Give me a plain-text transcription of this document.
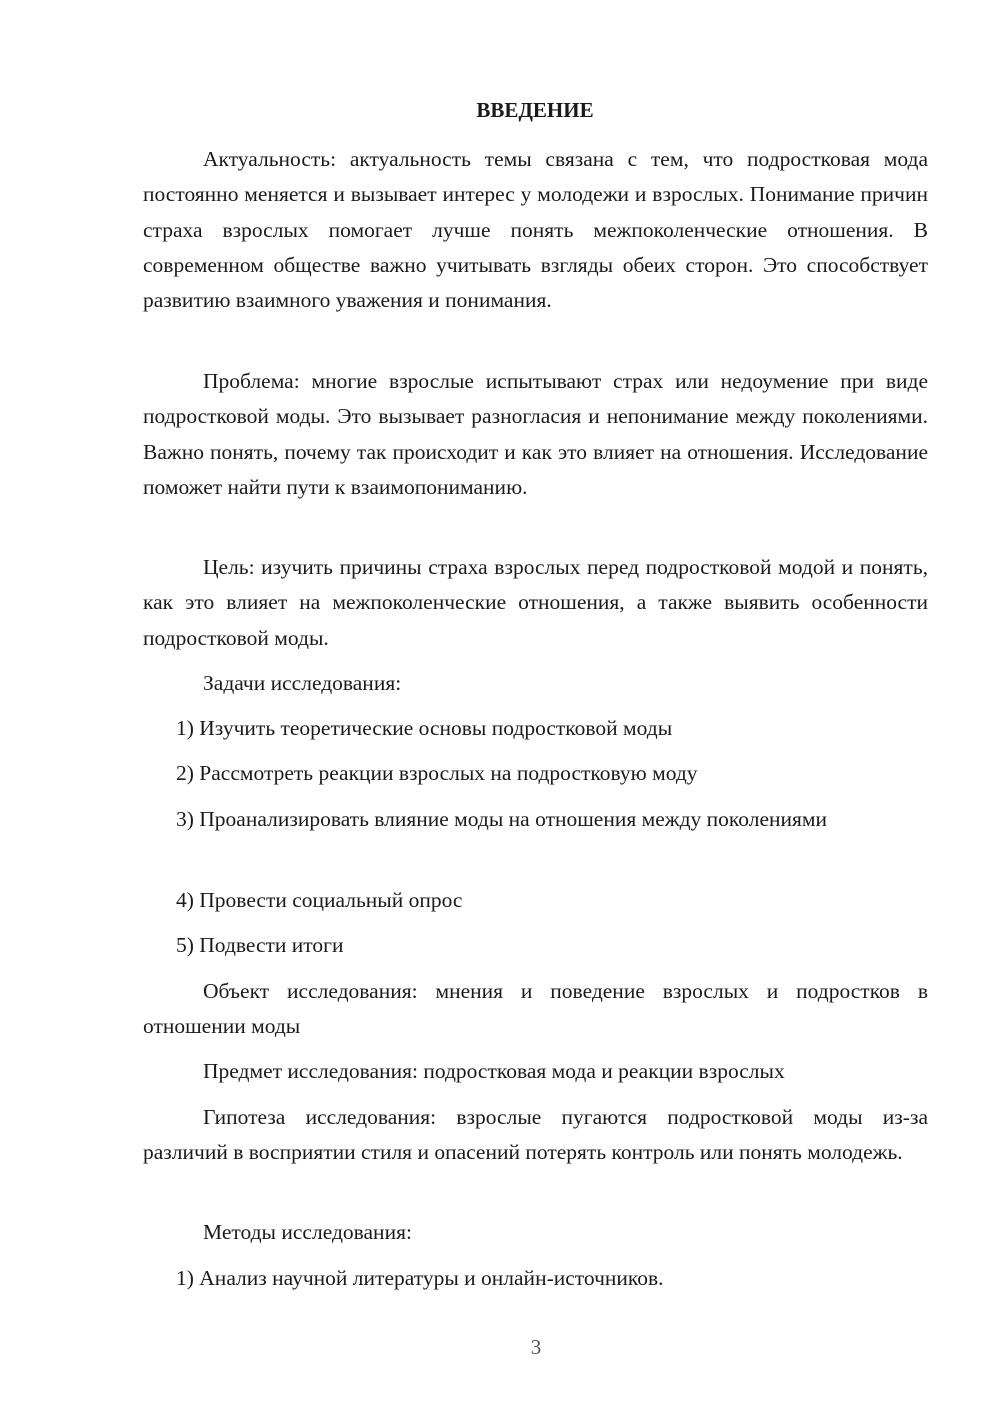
ВВЕДЕНИЕ

Актуальность: актуальность темы связана с тем, что подростковая мода постоянно меняется и вызывает интерес у молодежи и взрослых. Понимание причин страха взрослых помогает лучше понять межпоколенческие отношения. В современном обществе важно учитывать взгляды обеих сторон. Это способствует развитию взаимного уважения и понимания.

Проблема: многие взрослые испытывают страх или недоумение при виде подростковой моды. Это вызывает разногласия и непонимание между поколениями. Важно понять, почему так происходит и как это влияет на отношения. Исследование поможет найти пути к взаимопониманию.

Цель: изучить причины страха взрослых перед подростковой модой и понять, как это влияет на межпоколенческие отношения, а также выявить особенности подростковой моды.

Задачи исследования:

1) Изучить теоретические основы подростковой моды

2) Рассмотреть реакции взрослых на подростковую моду

3) Проанализировать влияние моды на отношения между поколениями

4) Провести социальный опрос

5) Подвести итоги

Объект исследования: мнения и поведение взрослых и подростков в отношении моды

Предмет исследования: подростковая мода и реакции взрослых

Гипотеза исследования: взрослые пугаются подростковой моды из-за различий в восприятии стиля и опасений потерять контроль или понять молодежь.

Методы исследования:

1) Анализ научной литературы и онлайн-источников.

3
